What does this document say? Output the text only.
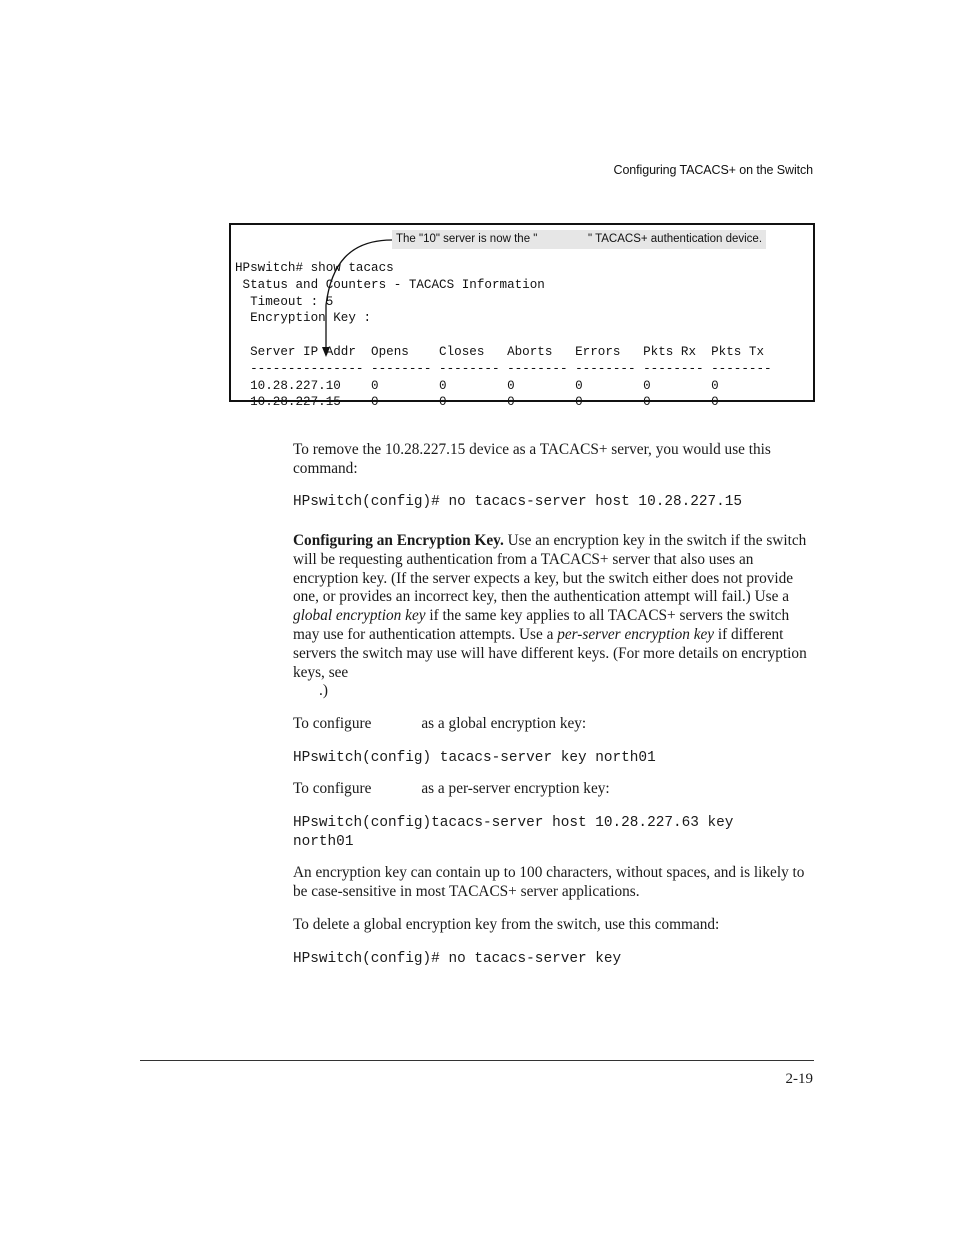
Configuring TACACS+ on the Switch
The "10" server is now the "	" TACACS+ authentication device.
HPswitch# show tacacs
Status and Counters - TACACS Information
Timeout : 5
Encryption Key :

Server IP Addr  Opens    Closes   Aborts   Errors   Pkts Rx  Pkts Tx
--------------- -------- -------- -------- -------- -------- --------
10.28.227.10    0        0        0        0        0        0
10.28.227.15    0        0        0        0        0        0
To remove the 10.28.227.15 device as a TACACS+ server, you would use this command:
HPswitch(config)# no tacacs-server host 10.28.227.15
Configuring an Encryption Key. Use an encryption key in the switch if the switch will be requesting authentication from a TACACS+ server that also uses an encryption key. (If the server expects a key, but the switch either does not provide one, or provides an incorrect key, then the authentication attempt will fail.) Use a global encryption key if the same key applies to all TACACS+ servers the switch may use for authentication attempts. Use a per-server encryption key if different servers the switch may use will have different keys. (For more details on encryption keys, see
.)
To configure	as a global encryption key:
HPswitch(config) tacacs-server key north01
To configure	as a per-server encryption key:
HPswitch(config)tacacs-server host 10.28.227.63 key
north01
An encryption key can contain up to 100 characters, without spaces, and is likely to be case-sensitive in most TACACS+ server applications.
To delete a global encryption key from the switch, use this command:
HPswitch(config)# no tacacs-server key
2-19
